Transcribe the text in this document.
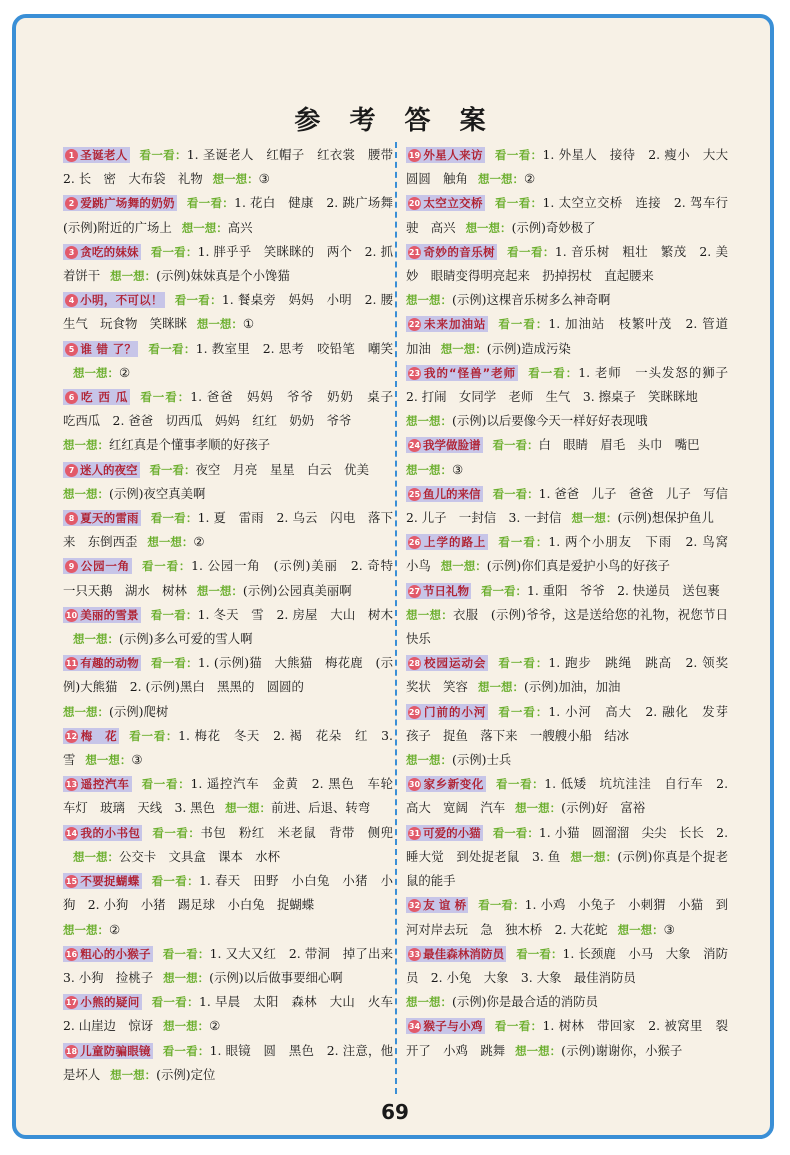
参 考 答 案
1 圣诞老人 看一看：1. 圣诞老人　红帽子　红衣裳　腰带　2. 长　密　大布袋　礼物 想一想：③
2 爱跳广场舞的奶奶 看一看：1. 花白　健康　2. 跳广场舞　(示例)附近的广场上 想一想：高兴
3 贪吃的妹妹 看一看：1. 胖乎乎　笑眯眯的　两个　2. 抓着饼干 想一想：(示例)妹妹真是个小馋猫
4 小明，不可以！ 看一看：1. 餐桌旁　妈妈　小明　2. 腰　生气　玩食物　笑眯眯 想一想：①
5 谁 错 了？ 看一看：1. 教室里　2. 思考　咬铅笔　嘲笑想一想：②
6 吃 西 瓜 看一看：1. 爸爸　妈妈　爷爷　奶奶　桌子　吃西瓜　2. 爸爸　切西瓜　妈妈　红红　奶奶　爷爷
想一想：红红真是个懂事孝顺的好孩子
7 迷人的夜空 看一看：夜空　月亮　星星　白云　优美
想一想：(示例)夜空真美啊
8 夏天的雷雨 看一看：1. 夏　雷雨　2. 乌云　闪电　落下来　东倒西歪 想一想：②
9 公园一角 看一看：1. 公园一角　(示例)美丽　2. 奇特　一只天鹅　湖水　树林 想一想：(示例)公园真美丽啊
10 美丽的雪景 看一看：1. 冬天　雪　2. 房屋　大山　树木想一想：(示例)多么可爱的雪人啊
11 有趣的动物 看一看：1. (示例)猫　大熊猫　梅花鹿　(示例)大熊猫　2. (示例)黑白　黑黑的　圆圆的
想一想：(示例)爬树
12 梅　花 看一看：1. 梅花　冬天　2. 褐　花朵　红　3. 雪 想一想：③
13 遥控汽车 看一看：1. 遥控汽车　金黄　2. 黑色　车轮　车灯　玻璃　天线　3. 黑色 想一想：前进、后退、转弯
14 我的小书包 看一看：书包　粉红　米老鼠　背带　侧兜想一想：公交卡　文具盒　课本　水杯
15 不要捉蝴蝶 看一看：1. 春天　田野　小白兔　小猪　小狗　2. 小狗　小猪　踢足球　小白兔　捉蝴蝶
想一想：②
16 粗心的小猴子 看一看：1. 又大又红　2. 带洞　掉了出来　3. 小狗　捡桃子 想一想：(示例)以后做事要细心啊
17 小熊的疑问 看一看：1. 早晨　太阳　森林　大山　火车　2. 山崖边　惊讶 想一想：②
18 儿童防骗眼镜 看一看：1. 眼镜　圆　黑色　2. 注意，他是坏人 想一想：(示例)定位
19 外星人来访 看一看：1. 外星人　接待　2. 瘦小　大大圆圆　触角 想一想：②
20 太空立交桥 看一看：1. 太空立交桥　连接　2. 驾车行驶　高兴 想一想：(示例)奇妙极了
21 奇妙的音乐树 看一看：1. 音乐树　粗壮　繁茂　2. 美妙　眼睛变得明亮起来　扔掉拐杖　直起腰来
想一想：(示例)这棵音乐树多么神奇啊
22 未来加油站 看一看：1. 加油站　枝繁叶茂　2. 管道　加油 想一想：(示例)造成污染
23 我的“怪兽”老师 看一看：1. 老师　一头发怒的狮子　2. 打闹　女同学　老师　生气　3. 擦桌子　笑眯眯地
想一想：(示例)以后要像今天一样好好表现哦
24 我学做脸谱 看一看：白　眼睛　眉毛　头巾　嘴巴
想一想：③
25 鱼儿的来信 看一看：1. 爸爸　儿子　爸爸　儿子　写信　2. 儿子　一封信　3. 一封信 想一想：(示例)想保护鱼儿
26 上学的路上 看一看：1. 两个小朋友　下雨　2. 鸟窝　小鸟 想一想：(示例)你们真是爱护小鸟的好孩子
27 节日礼物 看一看：1. 重阳　爷爷　2. 快递员　送包裹
想一想：衣服　(示例)爷爷，这是送给您的礼物，祝您节日快乐
28 校园运动会 看一看：1. 跑步　跳绳　跳高　2. 领奖　奖状　笑容 想一想：(示例)加油，加油
29 门前的小河 看一看：1. 小河　高大　2. 融化　发芽　孩子　捉鱼　落下来　一艘艘小船　结冰
想一想：(示例)士兵
30 家乡新变化 看一看：1. 低矮　坑坑洼洼　自行车　2. 高大　宽阔　汽车 想一想：(示例)好　富裕
31 可爱的小猫 看一看：1. 小猫　圆溜溜　尖尖　长长　2. 睡大觉　到处捉老鼠　3. 鱼 想一想：(示例)你真是个捉老鼠的能手
32 友 谊 桥 看一看：1. 小鸡　小兔子　小刺猬　小猫　到河对岸去玩　急　独木桥　2. 大花蛇 想一想：③
33 最佳森林消防员 看一看：1. 长颈鹿　小马　大象　消防员　2. 小兔　大象　3. 大象　最佳消防员
想一想：(示例)你是最合适的消防员
34 猴子与小鸡 看一看：1. 树林　带回家　2. 被窝里　裂开了　小鸡　跳舞 想一想：(示例)谢谢你，小猴子
69
